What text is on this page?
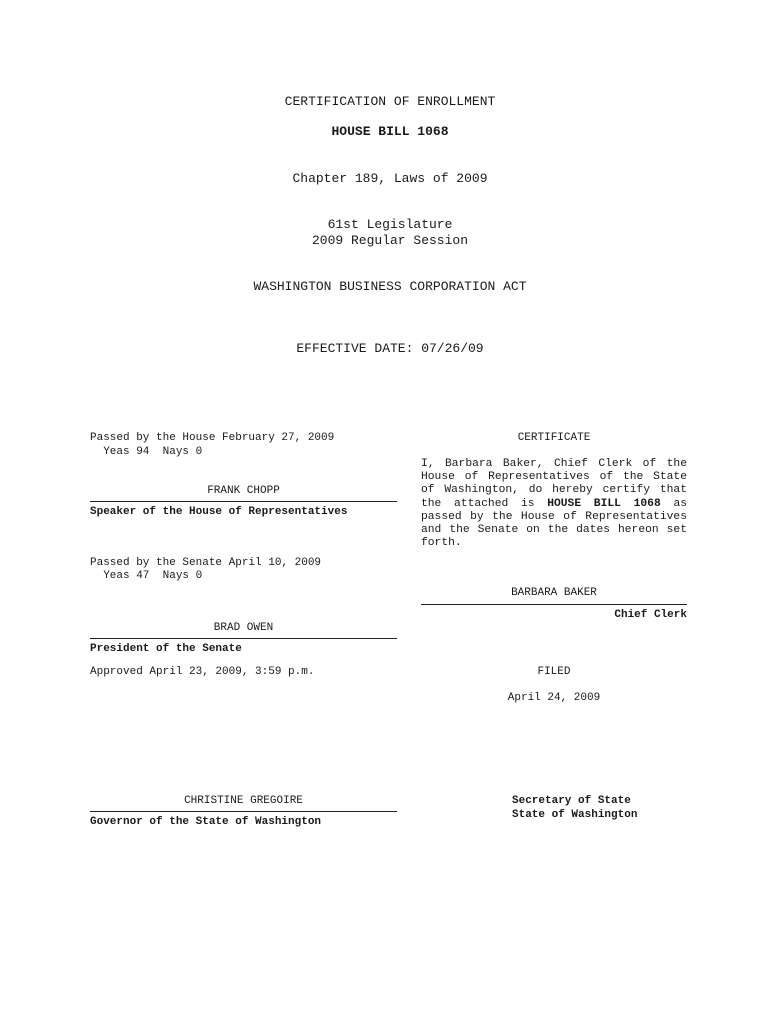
CERTIFICATION OF ENROLLMENT
HOUSE BILL 1068
Chapter 189, Laws of 2009
61st Legislature
2009 Regular Session
WASHINGTON BUSINESS CORPORATION ACT
EFFECTIVE DATE: 07/26/09
Passed by the House February 27, 2009
Yeas 94  Nays 0
FRANK CHOPP
Speaker of the House of Representatives
Passed by the Senate April 10, 2009
Yeas 47  Nays 0
BRAD OWEN
President of the Senate
Approved April 23, 2009, 3:59 p.m.
CHRISTINE GREGOIRE
Governor of the State of Washington
CERTIFICATE
I, Barbara Baker, Chief Clerk of the House of Representatives of the State of Washington, do hereby certify that the attached is HOUSE BILL 1068 as passed by the House of Representatives and the Senate on the dates hereon set forth.
BARBARA BAKER
Chief Clerk
FILED
April 24, 2009
Secretary of State
State of Washington
